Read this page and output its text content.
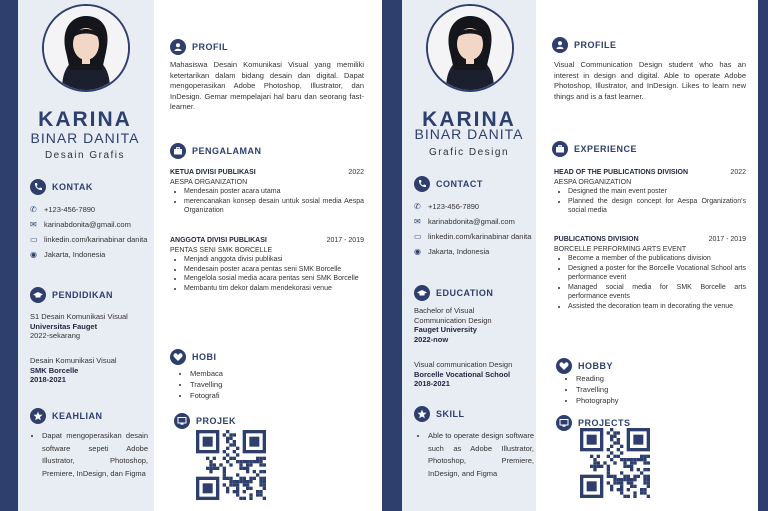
KARINA
BINAR DANITA
Desain Grafis
KONTAK
✆ +123-456-7890
✉ karinabdonita@gmail.com
▭ linkedin.com/karinabinar danita
◉ Jakarta, Indonesia
PENDIDIKAN
S1 Desain Komunikasi Visual
Universitas Fauget
2022-sekarang
Desain Komunikasi Visual
SMK Borcelle
2018-2021
KEAHLIAN
• Dapat mengoperasikan desain software sepeti Adobe Illustrator, Photoshop, Premiere, InDesign, dan Figma
PROFIL
Mahasiswa Desain Komunikasi Visual yang memiliki ketertarikan dalam bidang desain dan digital. Dapat mengoperasikan Adobe Photoshop, Illustrator, dan InDesign. Gemar mempelajari hal baru dan seorang fast-learner.
PENGALAMAN
KETUA DIVISI PUBLIKASI	2022
AESPA ORGANIZATION
• Mendesain poster acara utama
• merencanakan konsep desain untuk sosial media Aespa Organization
ANGGOTA DIVISI PUBLIKASI	2017 - 2019
PENTAS SENI SMK BORCELLE
• Menjadi anggota divisi publikasi
• Mendesain poster acara pentas seni SMK Borcelle
• Mengelola sosial media acara pentas seni SMK Borcelle
• Membantu tim dekor dalam mendekorasi venue
HOBI
• Membaca
• Travelling
• Fotografi
PROJEK
KARINA
BINAR DANITA
Grafic Design
CONTACT
✆ +123-456-7890
✉ karinabdonita@gmail.com
▭ linkedin.com/karinabinar danita
◉ Jakarta, Indonesia
EDUCATION
Bachelor of Visual Communication Design
Fauget University
2022-now
Visual communication Design
Borcelle Vocational School
2018-2021
SKILL
• Able to operate design software such as Adobe Illustrator, Photoshop, Premiere, InDesign, and Figma
PROFILE
Visual Communication Design student who has an interest in design and digital. Able to operate Adobe Photoshop, Illustrator, and InDesign. Likes to learn new things and is a fast learner.
EXPERIENCE
HEAD OF THE PUBLICATIONS DIVISION	2022
AESPA ORGANIZATION
• Designed the main event poster
• Planned the design concept for Aespa Organization's social media
PUBLICATIONS DIVISION	2017 - 2019
BORCELLE PERFORMING ARTS EVENT
• Become a member of the publications division
• Designed a poster for the Borcelle Vocational School arts performance event
• Managed social media for SMK Borcelle arts performance events
• Assisted the decoration team in decorating the venue
HOBBY
• Reading
• Travelling
• Photography
PROJECTS
